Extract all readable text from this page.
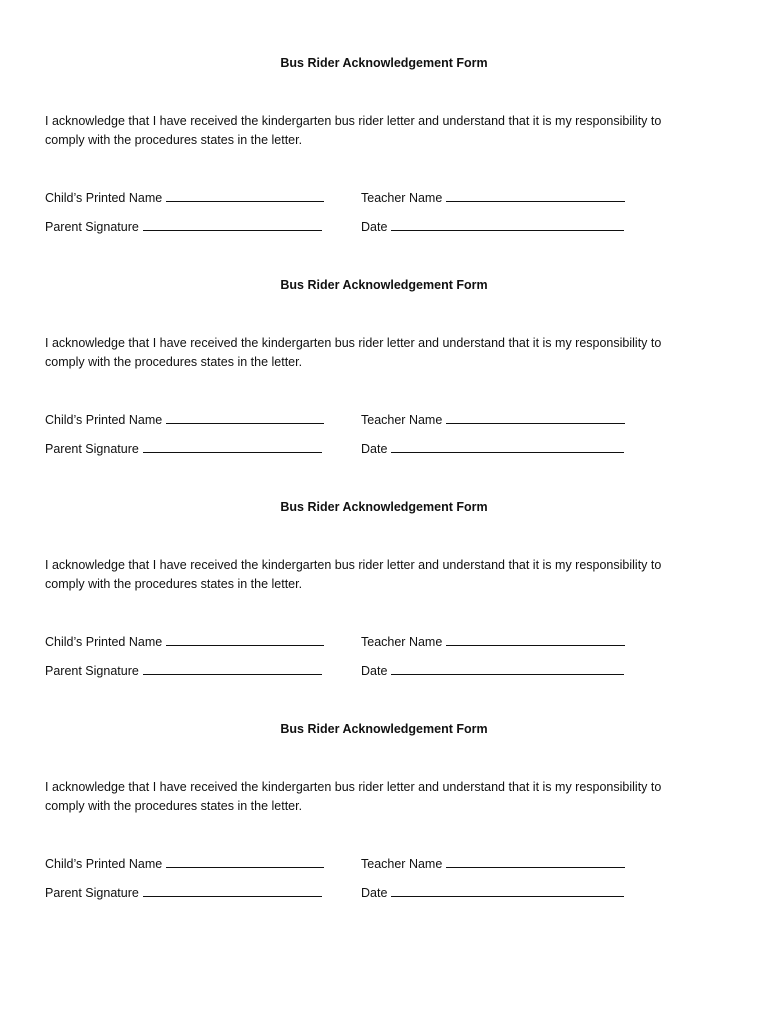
Bus Rider Acknowledgement Form
I acknowledge that I have received the kindergarten bus rider letter and understand that it is my responsibility to comply with the procedures states in the letter.
Child’s Printed Name	Teacher Name
Parent Signature	Date
Bus Rider Acknowledgement Form
I acknowledge that I have received the kindergarten bus rider letter and understand that it is my responsibility to comply with the procedures states in the letter.
Child’s Printed Name	Teacher Name
Parent Signature	Date
Bus Rider Acknowledgement Form
I acknowledge that I have received the kindergarten bus rider letter and understand that it is my responsibility to comply with the procedures states in the letter.
Child’s Printed Name	Teacher Name
Parent Signature	Date
Bus Rider Acknowledgement Form
I acknowledge that I have received the kindergarten bus rider letter and understand that it is my responsibility to comply with the procedures states in the letter.
Child’s Printed Name	Teacher Name
Parent Signature	Date
